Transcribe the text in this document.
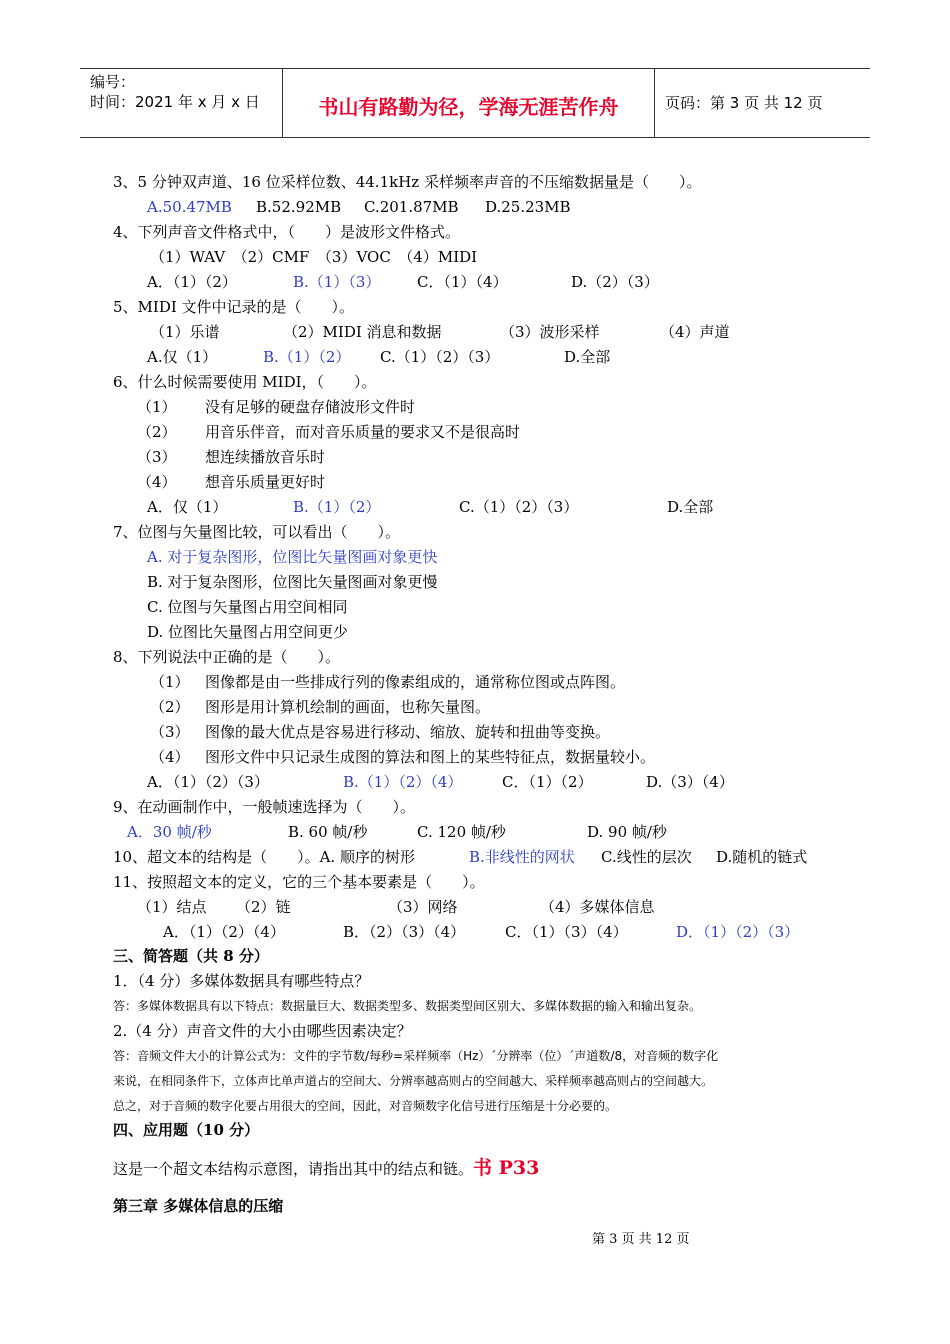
编号：
时间：2021 年 x 月 x 日	书山有路勤为径，学海无涯苦作舟	页码：第 3 页 共 12 页
3、5 分钟双声道、16 位采样位数、44.1kHz 采样频率声音的不压缩数据量是（　　）。
A.50.47MB B.52.92MB C.201.87MB D.25.23MB
4、下列声音文件格式中，（　　）是波形文件格式。
（1）WAV　（2）CMF　（3）VOC　（4）MIDI
A．（1）（2）	B.（1）（3） C．（1）（4）	D.（2）（3）
5、MIDI 文件中记录的是（　　）。
（1）乐谱	（2）MIDI 消息和数据	（3）波形采样	（4）声道
A.仅（1）	B.（1）（2） C.（1）（2）（3）	D.全部
6、什么时候需要使用 MIDI，（　　）。
（1） 没有足够的硬盘存储波形文件时
（2） 用音乐伴音，而对音乐质量的要求又不是很高时
（3） 想连续播放音乐时
（4） 想音乐质量更好时
A．仅（1）	B.（1）（2）	C.（1）（2）（3）	D.全部
7、位图与矢量图比较，可以看出（　　）。
A. 对于复杂图形，位图比矢量图画对象更快
B. 对于复杂图形，位图比矢量图画对象更慢
C. 位图与矢量图占用空间相同
D. 位图比矢量图占用空间更少
8、下列说法中正确的是（　　）。
（1） 图像都是由一些排成行列的像素组成的，通常称位图或点阵图。
（2） 图形是用计算机绘制的画面，也称矢量图。
（3） 图像的最大优点是容易进行移动、缩放、旋转和扭曲等变换。
（4） 图形文件中只记录生成图的算法和图上的某些特征点，数据量较小。
A．（1）（2）（3）	B.（1）（2）（4）	C．（1）（2）	D.（3）（4）
9、在动画制作中，一般帧速选择为（　　）。
A．30 帧/秒	B. 60 帧/秒	C. 120 帧/秒	D. 90 帧/秒
10、超文本的结构是（　　）。A. 顺序的树形	B.非线性的网状 C.线性的层次 D.随机的链式
11、按照超文本的定义，它的三个基本要素是（　　）。
（1）结点 （2）链	（3）网络	（4）多媒体信息
A．（1）（2）（4）	B．（2）（3）（4）	C．（1）（3）（4）	D．（1）（2）（3）
三、简答题（共 8 分）
1．（4 分）多媒体数据具有哪些特点？
答：多媒体数据具有以下特点：数据量巨大、数据类型多、数据类型间区别大、多媒体数据的输入和输出复杂。
2.（4 分）声音文件的大小由哪些因素决定？
答：音频文件大小的计算公式为：文件的字节数/每秒=采样频率（Hz）´分辨率（位）´声道数/8，对音频的数字化
来说，在相同条件下，立体声比单声道占的空间大、分辨率越高则占的空间越大、采样频率越高则占的空间越大。
总之，对于音频的数字化要占用很大的空间，因此，对音频数字化信号进行压缩是十分必要的。
四、应用题（10 分）
这是一个超文本结构示意图，请指出其中的结点和链。书 P33
第三章 多媒体信息的压缩
第 3 页 共 12 页
